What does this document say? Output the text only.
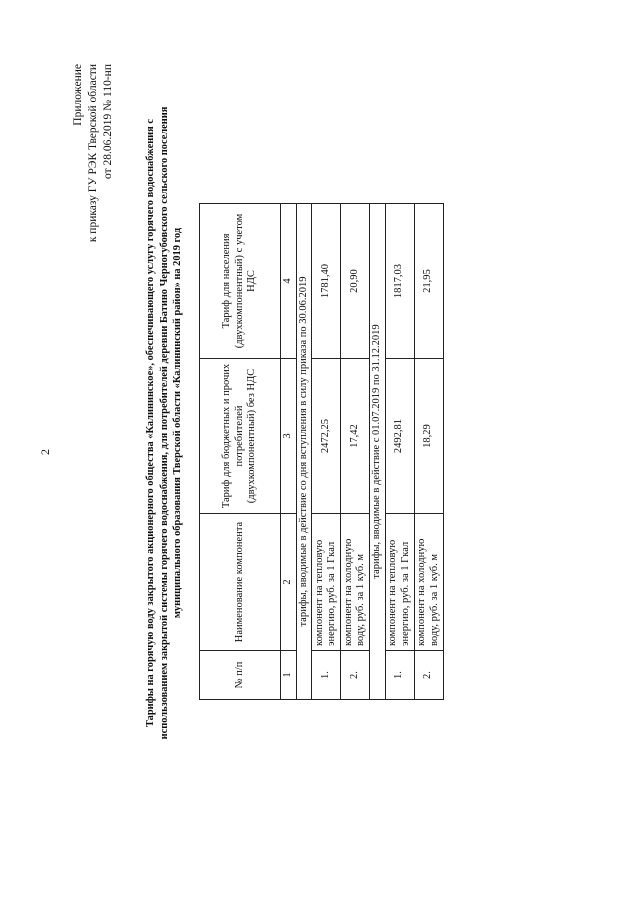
2
Приложение к приказу ГУ РЭК Тверской области от 28.06.2019 № 110-нп	Тарифы на горячую воду закрытого акционерного общества «Калининское», обеспечивающего услугу горячего водоснабжения с использованием закрытой системы горячего водоснабжения, для потребителей деревни Батино Черногубовского сельского поселения муниципального образования Тверской области «Калининский район» на 2019 год
№ п/п	Наименование компонента	Тариф для бюджетных и прочих потребителей (двухкомпонентный) без НДС	Тариф для населения (двухкомпонентный) с учетом НДС
1	2	3	4
тарифы, вводимые в действие со дня вступления в силу приказа по 30.06.2019			
1.	компонент на тепловую энергию, руб. за 1 Гкал	2472,25	1781,40
2.	компонент на холодную воду, руб. за 1 куб. м	17,42	20,90
тарифы, вводимые в действие с 01.07.2019 по 31.12.2019			
1.	компонент на тепловую энергию, руб. за 1 Гкал	2492,81	1817,03
2.	компонент на холодную воду, руб. за 1 куб. м	18,29	21,95
